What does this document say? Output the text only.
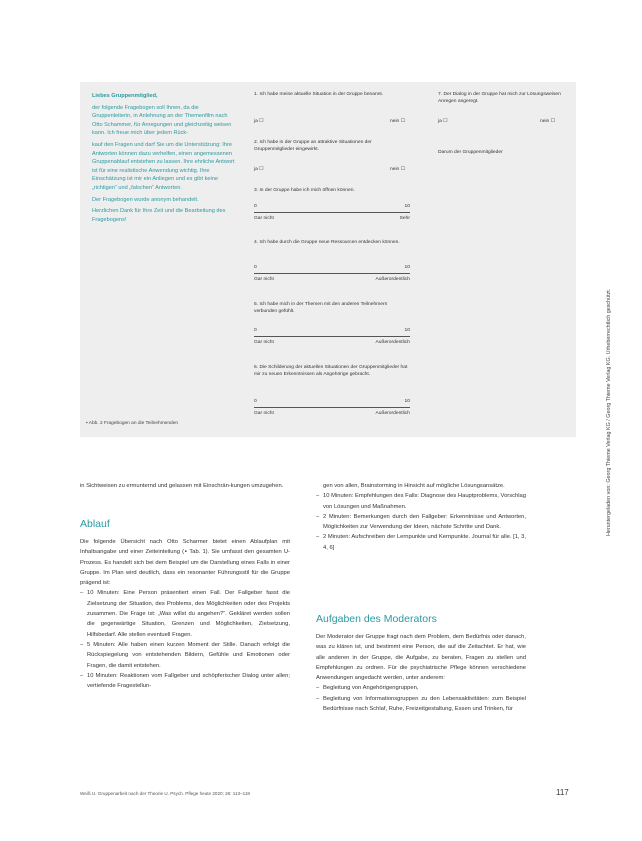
Liebes Gruppenmitglied,

der folgende Fragebogen soll Ihnen, da die Gruppenleiterin, in Anlehnung an der Themenfilm nach Otto Schammer, für Anregungen und gleichzeitig weisen kann. Ich freue mich über jedem Rück-

kauf den Fragen und darf Sie um die Unterstützung: Ihre Antworten können dazu verhelfen, einen angemessenen Gruppenablauf entstehen zu lassen. Ihre ehrliche Antwort ist für eine realistische Anwendung wichtig. Ihre Einschätzung ist mir ein Anliegen und es gibt keine „richtigen“ und „falschen“ Antworten.

Der Fragebogen wurde anonym behandelt.

Herzlichen Dank für Ihre Zeit und die Bearbeitung des Fragebogens!

1. Ich habe meine aktuelle Situation in der Gruppe benannt.
ja ☐	nein ☐
2. Ich habe in der Gruppe an attraktive Situationen der Gruppenmitglieder eingewirkt.
ja ☐	nein ☐
3. In der Gruppe habe ich mich öffnen können.
0	10
Gar nicht	Sehr
4. Ich habe durch die Gruppe neue Ressourcen entdecken können.
0	10
Gar nicht	Außerordentlich
5. Ich habe mich in der Themen mit den anderen Teilnehmern verbunden gefühlt.
0	10
Gar nicht	Außerordentlich
6. Die Schilderung der aktuellen Situationen der Gruppenmitglieder hat mir zu neuen Erkenntnissen als Angehörige gebracht.
0	10
Gar nicht	Außerordentlich
7. Der Dialog in der Gruppe hat mich zur Lösungsweisen Anregen angeregt.
ja ☐	nein ☐
Darum der Gruppenmitglieder
▪ Abb. 2 Fragebogen an die Teilnehmenden

in Sichtweisen zu ermunternd und gelassen mit Einschrän-kungen umzugehen.

Ablauf

Die folgende Übersicht nach Otto Scharmer bietet einen Ablaufplan mit Inhaltsangabe und einer Zeiteinteilung (▪ Tab. 1). Sie umfasst den gesamten U-Prozess. Es handelt sich bei dem Beispiel um die Darstellung eines Falls in einer Gruppe. Im Plan wird deutlich, dass ein resonanter Führungsstil für die Gruppe prägend ist:

– 10 Minuten: Eine Person präsentiert einen Fall. Der Fallgeber fasst die Zielsetzung der Situation, des Problems, des Möglichkeiten oder des Projekts zusammen. Die Frage ist: „Was willst du angehen?“. Gekläret werden sollen die gegenwärtige Situation, Grenzen und Möglichkeiten, Zielsetzung, Hilfsbedarf. Alle stellen eventuell Fragen.
– 5 Minuten: Alle haben einen kurzen Moment der Stille. Danach erfolgt die Rückspiegelung von entstehenden Bildern, Gefühle und Emotionen oder Fragen, die damit entstehen.
– 10 Minuten: Reaktionen vom Fallgeber und schöpferischer Dialog unter allen; vertiefende Fragestellun-

gen von allen, Brainstorming in Hinsicht auf mögliche Lösungsansätze.

– 10 Minuten: Empfehlungen des Falls: Diagnose des Hauptproblems, Vorschlag von Lösungen und Maßnahmen.
– 2 Minuten: Bemerkungen durch den Fallgeber: Erkenntnisse und Antworten, Möglichkeiten zur Verwendung der Ideen, nächste Schritte und Dank.
– 2 Minuten: Aufschreiben der Lernpunkte und Kernpunkte. Journal für alle. [1, 3, 4, 6]
Aufgaben des Moderators

Der Moderator der Gruppe fragt nach dem Problem, dem Bedürfnis oder danach, was zu klären ist, und bestimmt eine Person, die auf die Zeitachtet. Er hat, wie alle anderen in der Gruppe, die Aufgabe, zu beraten, Fragen zu stellen und Empfehlungen zu ordnen. Für die psychiatrische Pflege können verschiedene Anwendungen angedacht werden, unter anderem:

– Begleitung von Angehörigengruppen,
– Begleitung von Informationsgruppen zu den Lebensaktivitäten: zum Beispiel Bedürfnisse nach Schlaf, Ruhe, Freizeitgestaltung, Essen und Trinken, für
Heruntergeladen von: Georg Thieme Verlag KG / Georg Thieme Verlag KG. Urheberrechtlich geschützt.
Weiß U. Gruppenarbeit nach der Theorie U. Psych. Pflege heute 2020; 26: 113–118	117
